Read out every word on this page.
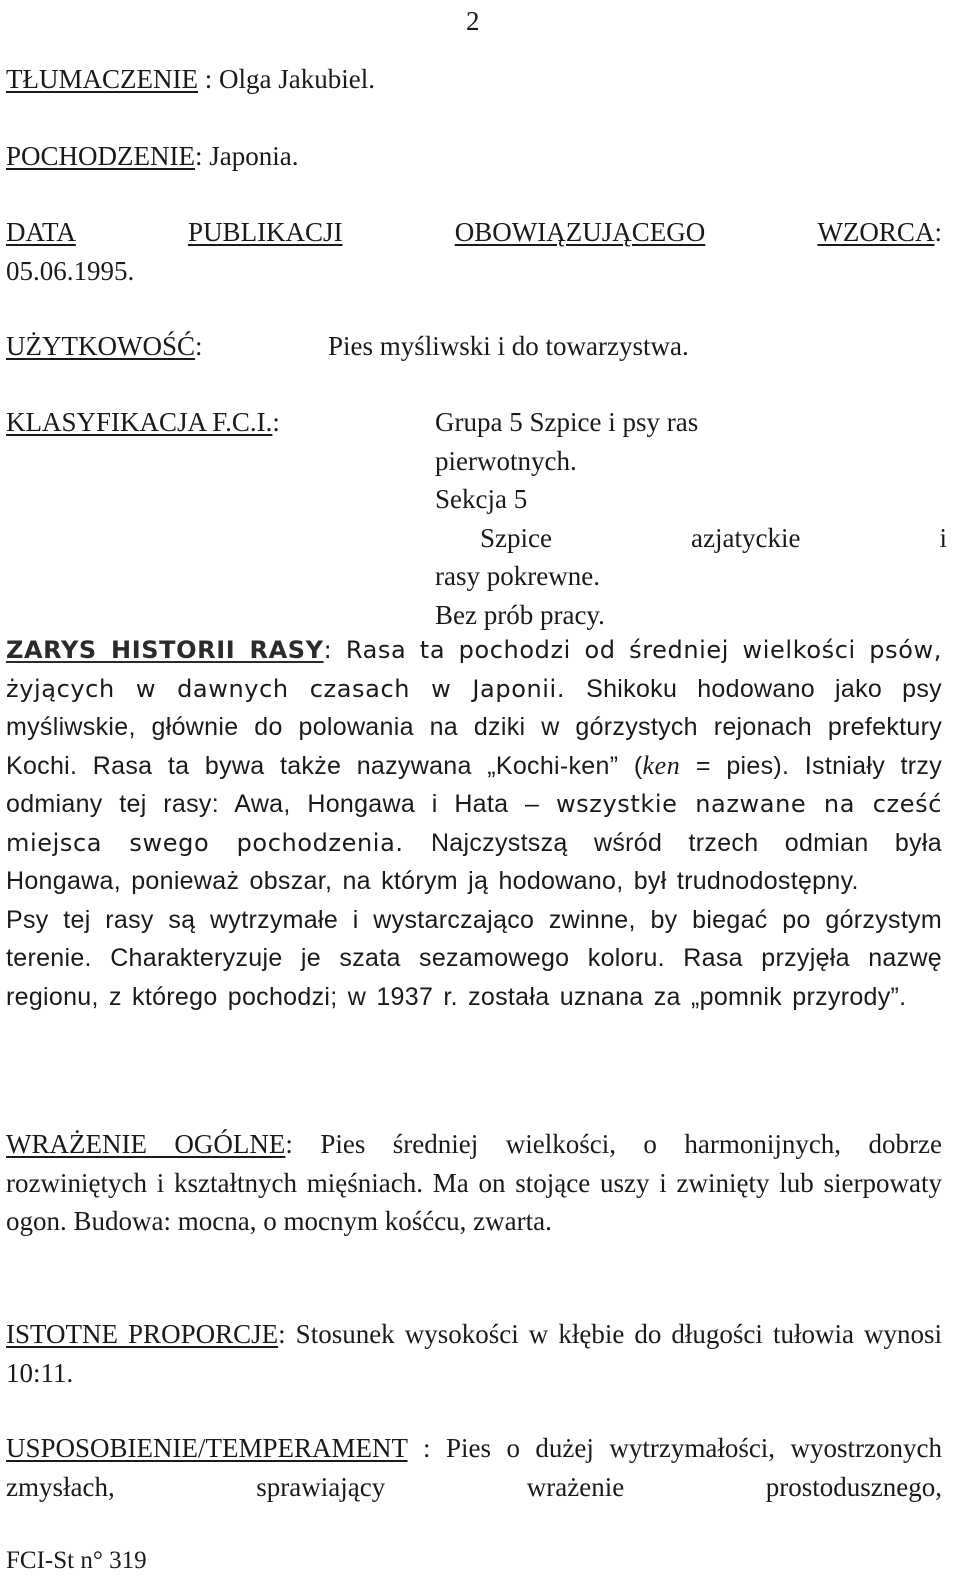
2

TŁUMACZENIE : Olga Jakubiel.

POCHODZENIE: Japonia.

DATA	PUBLIKACJI	OBOWIĄZUJĄCEGO	WZORCA:
05.06.1995.

UŻYTKOWOŚĆ:	Pies myśliwski i do towarzystwa.

KLASYFIKACJA F.C.I.:	Grupa 5 Szpice i psy ras
pierwotnych.
Sekcja 5
Szpice	azjatyckie	i
rasy pokrewne.
Bez prób pracy.

ZARYS HISTORII RASY: Rasa ta pochodzi od średniej wielkości psów, żyjących w dawnych czasach w Japonii. Shikoku hodowano jako psy myśliwskie, głównie do polowania na dziki w górzystych rejonach prefektury Kochi. Rasa ta bywa także nazywana „Kochi-ken” (ken = pies). Istniały trzy odmiany tej rasy: Awa, Hongawa i Hata – wszystkie nazwane na cześć miejsca swego pochodzenia. Najczystszą wśród trzech odmian była Hongawa, ponieważ obszar, na którym ją hodowano, był trudnodostępny.

Psy tej rasy są wytrzymałe i wystarczająco zwinne, by biegać po górzystym terenie. Charakteryzuje je szata sezamowego koloru. Rasa przyjęła nazwę regionu, z którego pochodzi; w 1937 r. została uznana za „pomnik przyrody”.

WRAŻENIE OGÓLNE: Pies średniej wielkości, o harmonijnych, dobrze rozwiniętych i kształtnych mięśniach. Ma on stojące uszy i zwinięty lub sierpowaty ogon. Budowa: mocna, o mocnym kośćcu, zwarta.

ISTOTNE PROPORCJE: Stosunek wysokości w kłębie do długości tułowia wynosi 10:11.

USPOSOBIENIE/TEMPERAMENT : Pies o dużej wytrzymałości, wyostrzonych zmysłach, sprawiający wrażenie prostodusznego,

FCI-St n° 319
